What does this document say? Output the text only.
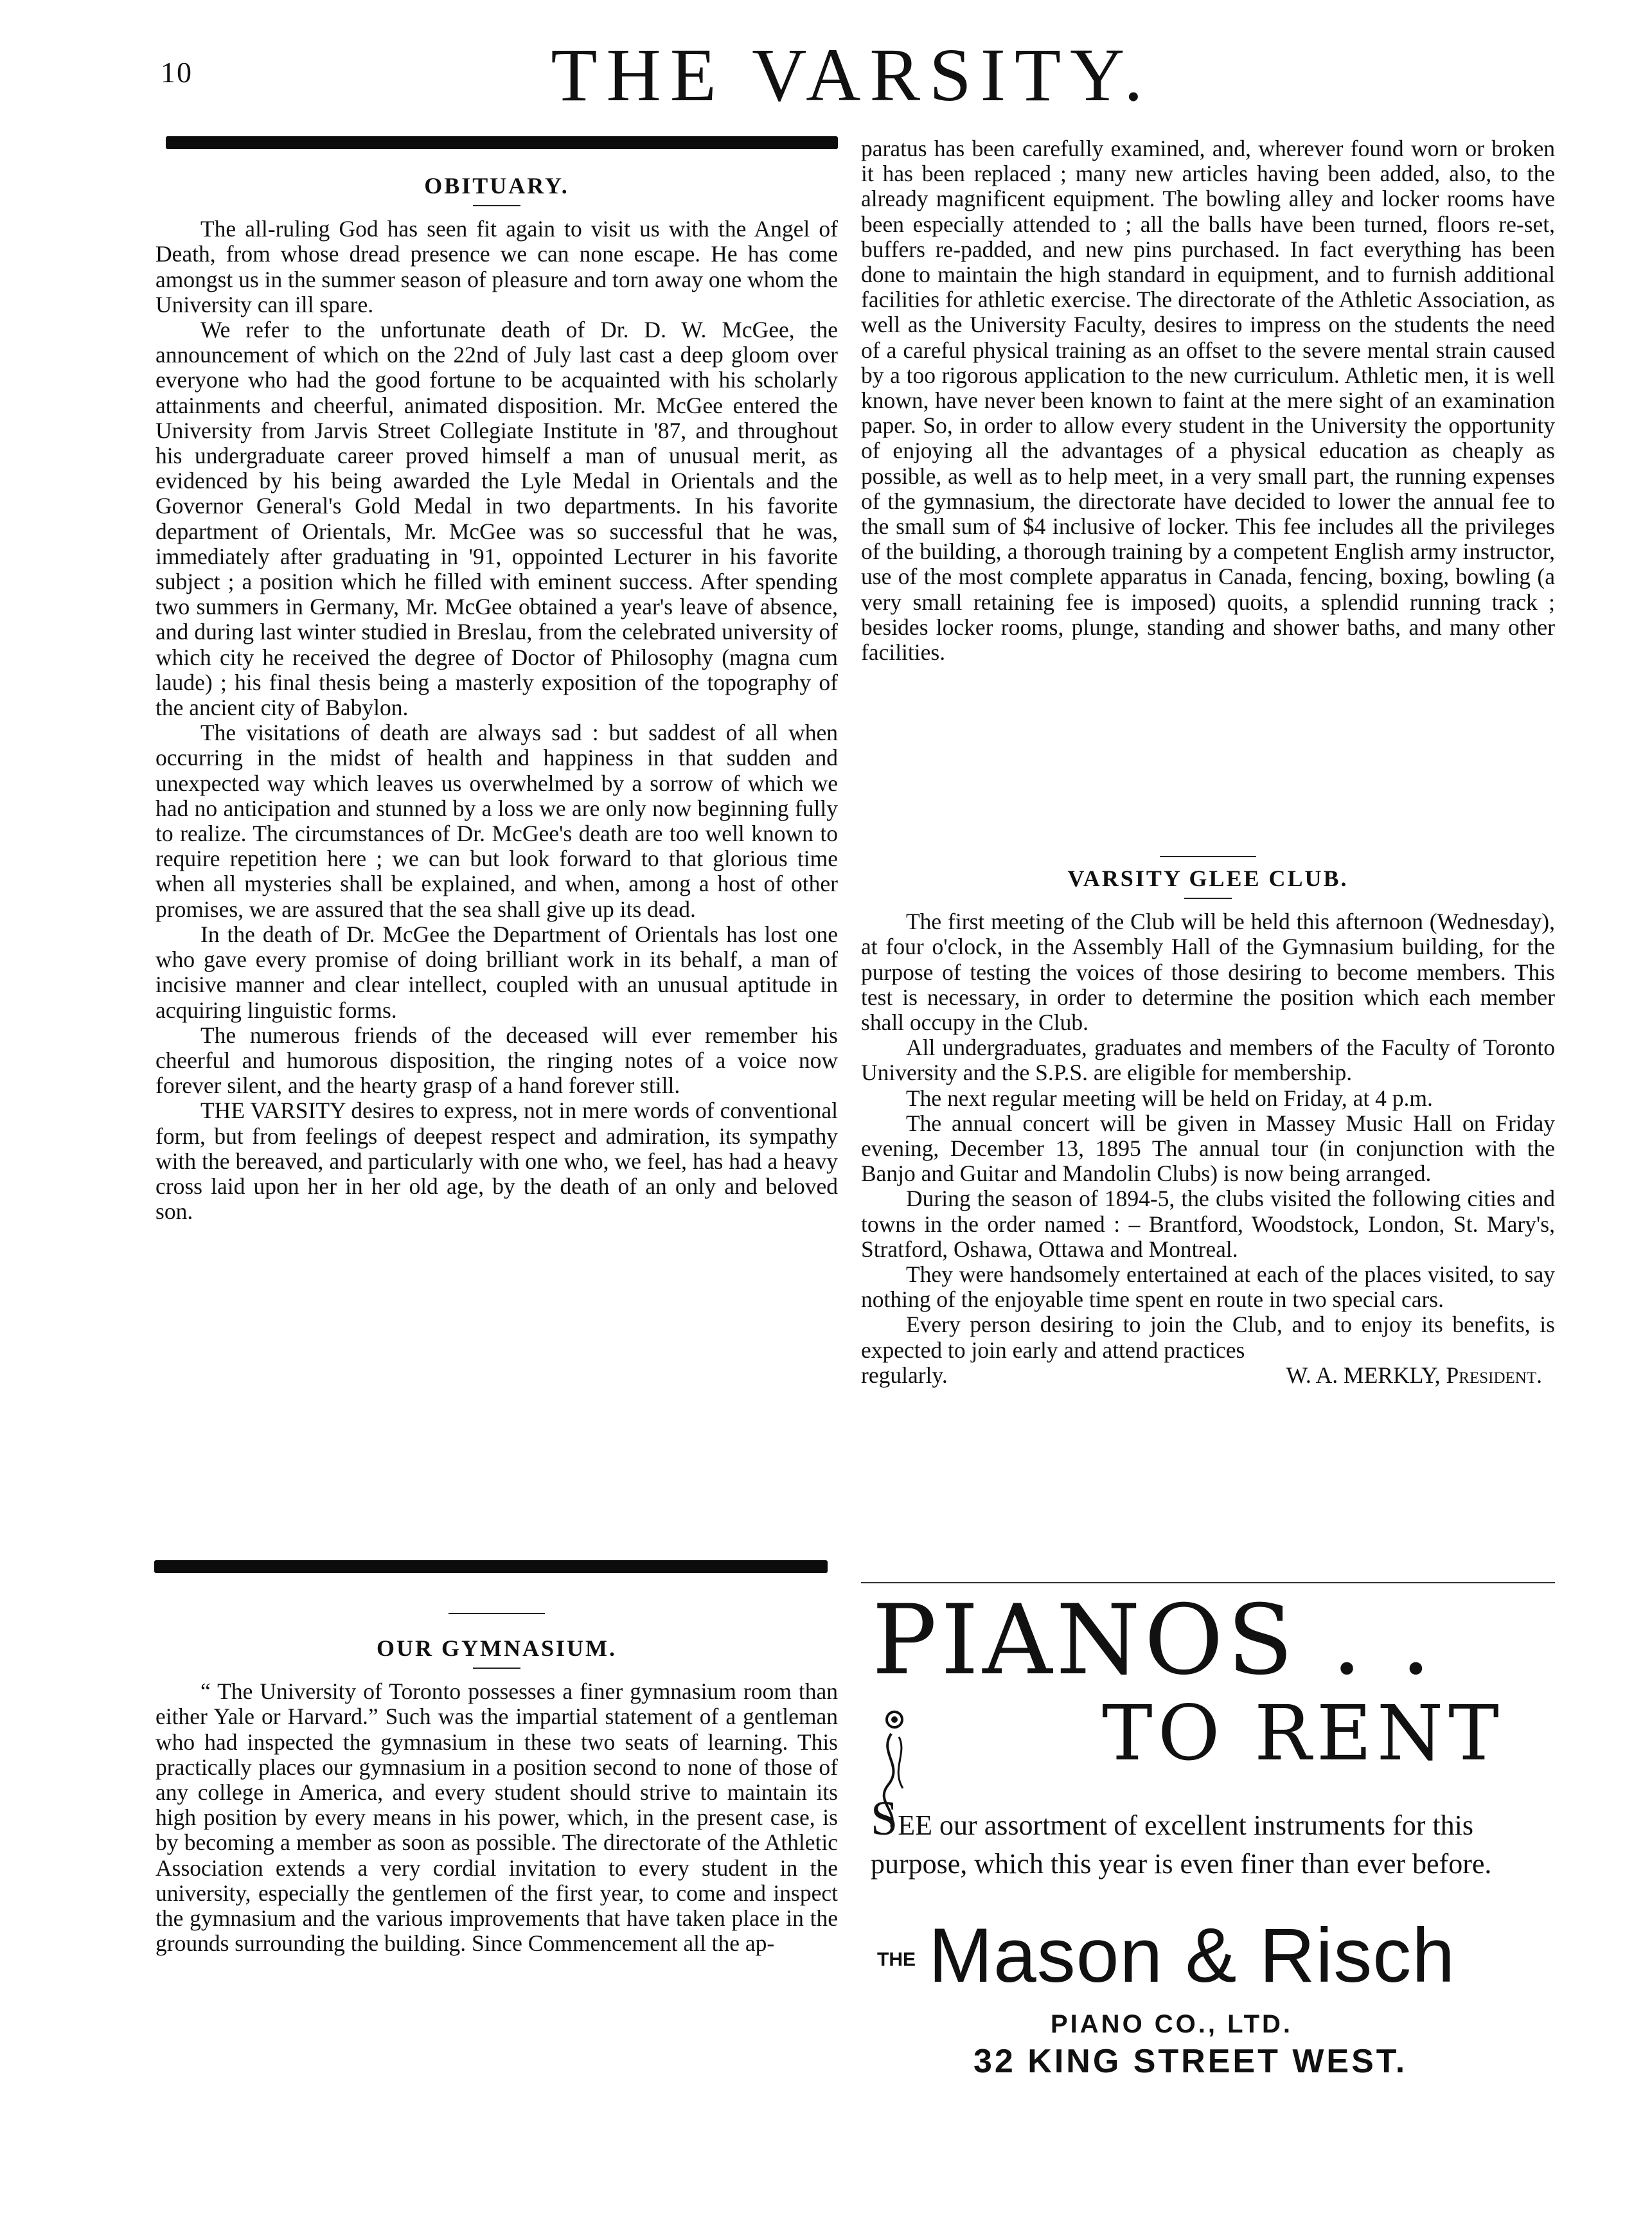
10	THE VARSITY.
OBITUARY.

The all-ruling God has seen fit again to visit us with the Angel of Death, from whose dread presence we can none escape. He has come amongst us in the summer season of pleasure and torn away one whom the University can ill spare.

We refer to the unfortunate death of Dr. D. W. McGee, the announcement of which on the 22nd of July last cast a deep gloom over everyone who had the good fortune to be acquainted with his scholarly attainments and cheerful, animated disposition. Mr. McGee entered the University from Jarvis Street Collegiate Institute in '87, and throughout his undergraduate career proved himself a man of unusual merit, as evidenced by his being awarded the Lyle Medal in Orientals and the Governor General's Gold Medal in two departments. In his favorite department of Orientals, Mr. McGee was so successful that he was, immediately after graduating in '91, oppointed Lecturer in his favorite subject ; a position which he filled with eminent success. After spending two summers in Germany, Mr. McGee obtained a year's leave of absence, and during last winter studied in Breslau, from the celebrated university of which city he received the degree of Doctor of Philosophy (magna cum laude) ; his final thesis being a masterly exposition of the topography of the ancient city of Babylon.

The visitations of death are always sad : but saddest of all when occurring in the midst of health and happiness in that sudden and unexpected way which leaves us overwhelmed by a sorrow of which we had no anticipation and stunned by a loss we are only now beginning fully to realize. The circumstances of Dr. McGee's death are too well known to require repetition here ; we can but look forward to that glorious time when all mysteries shall be explained, and when, among a host of other promises, we are assured that the sea shall give up its dead.

In the death of Dr. McGee the Department of Orientals has lost one who gave every promise of doing brilliant work in its behalf, a man of incisive manner and clear intellect, coupled with an unusual aptitude in acquiring linguistic forms.

The numerous friends of the deceased will ever remember his cheerful and humorous disposition, the ringing notes of a voice now forever silent, and the hearty grasp of a hand forever still.

THE VARSITY desires to express, not in mere words of conventional form, but from feelings of deepest respect and admiration, its sympathy with the bereaved, and particularly with one who, we feel, has had a heavy cross laid upon her in her old age, by the death of an only and beloved son.

OUR GYMNASIUM.

“ The University of Toronto possesses a finer gymnasium room than either Yale or Harvard.” Such was the impartial statement of a gentleman who had inspected the gymnasium in these two seats of learning. This practically places our gymnasium in a position second to none of those of any college in America, and every student should strive to maintain its high position by every means in his power, which, in the present case, is by becoming a member as soon as possible. The directorate of the Athletic Association extends a very cordial invitation to every student in the university, especially the gentlemen of the first year, to come and inspect the gymnasium and the various improvements that have taken place in the grounds surrounding the building. Since Commencement all the ap-

paratus has been carefully examined, and, wherever found worn or broken it has been replaced ; many new articles having been added, also, to the already magnificent equipment. The bowling alley and locker rooms have been especially attended to ; all the balls have been turned, floors re-set, buffers re-padded, and new pins purchased. In fact everything has been done to maintain the high standard in equipment, and to furnish additional facilities for athletic exercise. The directorate of the Athletic Association, as well as the University Faculty, desires to impress on the students the need of a careful physical training as an offset to the severe mental strain caused by a too rigorous application to the new curriculum. Athletic men, it is well known, have never been known to faint at the mere sight of an examination paper. So, in order to allow every student in the University the opportunity of enjoying all the advantages of a physical education as cheaply as possible, as well as to help meet, in a very small part, the running expenses of the gymnasium, the directorate have decided to lower the annual fee to the small sum of $4 inclusive of locker. This fee includes all the privileges of the building, a thorough training by a competent English army instructor, use of the most complete apparatus in Canada, fencing, boxing, bowling (a very small retaining fee is imposed) quoits, a splendid running track ; besides locker rooms, plunge, standing and shower baths, and many other facilities.

VARSITY GLEE CLUB.

The first meeting of the Club will be held this afternoon (Wednesday), at four o'clock, in the Assembly Hall of the Gymnasium building, for the purpose of testing the voices of those desiring to become members. This test is necessary, in order to determine the position which each member shall occupy in the Club.

All undergraduates, graduates and members of the Faculty of Toronto University and the S.P.S. are eligible for membership.

The next regular meeting will be held on Friday, at 4 p.m.

The annual concert will be given in Massey Music Hall on Friday evening, December 13, 1895 The annual tour (in conjunction with the Banjo and Guitar and Mandolin Clubs) is now being arranged.

During the season of 1894-5, the clubs visited the following cities and towns in the order named : – Brantford, Woodstock, London, St. Mary's, Stratford, Oshawa, Ottawa and Montreal.

They were handsomely entertained at each of the places visited, to say nothing of the enjoyable time spent en route in two special cars.

Every person desiring to join the Club, and to enjoy its benefits, is expected to join early and attend practices

regularly.	W. A. MERKLY, President.
PIANOS . .
TO RENT
SEE our assortment of excellent instruments for this purpose, which this year is even finer than ever before.
THE Mason & Risch
PIANO CO., LTD.
32 KING STREET WEST.
